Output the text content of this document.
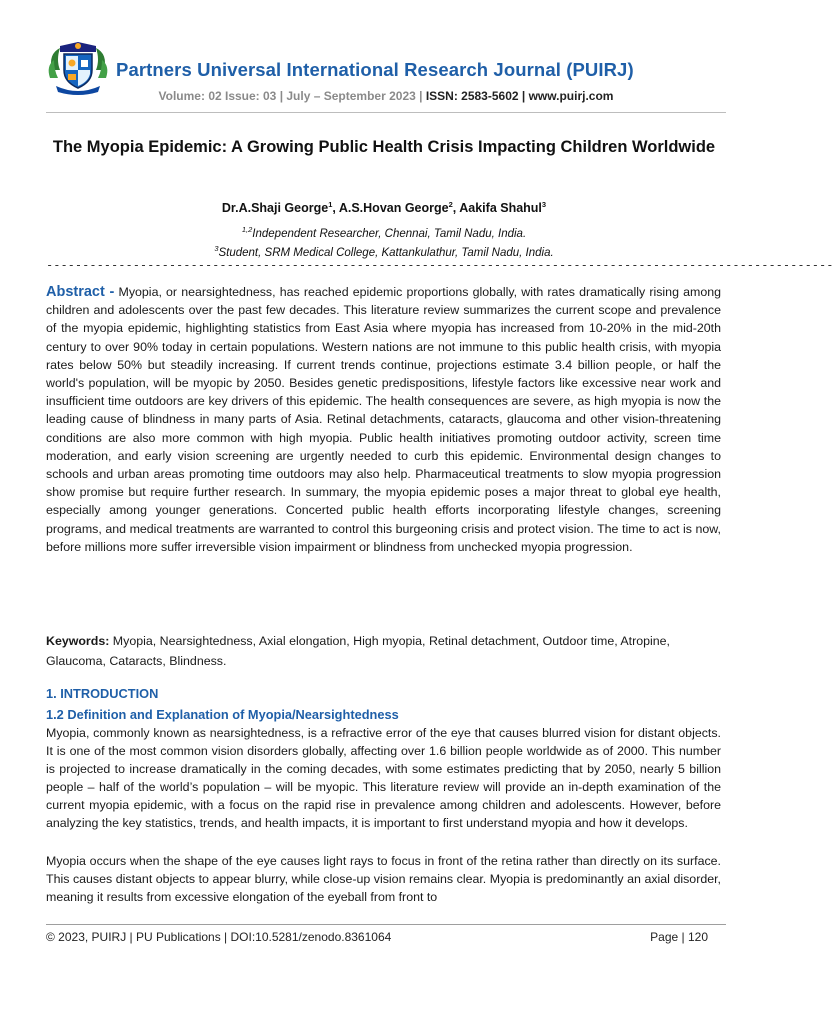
Partners Universal International Research Journal (PUIRJ)
Volume: 02 Issue: 03 | July – September 2023 | ISSN: 2583-5602 | www.puirj.com
The Myopia Epidemic: A Growing Public Health Crisis Impacting Children Worldwide
Dr.A.Shaji George$^1$, A.S.Hovan George$^2$, Aakifa Shahul$^3$
$^{1,2}$Independent Researcher, Chennai, Tamil Nadu, India.
$^3$Student, SRM Medical College, Kattankulathur, Tamil Nadu, India.
-------------------------------------------------------------------------------------------------------------

Abstract - Myopia, or nearsightedness, has reached epidemic proportions globally, with rates dramatically rising among children and adolescents over the past few decades. This literature review summarizes the current scope and prevalence of the myopia epidemic, highlighting statistics from East Asia where myopia has increased from 10-20% in the mid-20th century to over 90% today in certain populations. Western nations are not immune to this public health crisis, with myopia rates below 50% but steadily increasing. If current trends continue, projections estimate 3.4 billion people, or half the world's population, will be myopic by 2050. Besides genetic predispositions, lifestyle factors like excessive near work and insufficient time outdoors are key drivers of this epidemic. The health consequences are severe, as high myopia is now the leading cause of blindness in many parts of Asia. Retinal detachments, cataracts, glaucoma and other vision-threatening conditions are also more common with high myopia. Public health initiatives promoting outdoor activity, screen time moderation, and early vision screening are urgently needed to curb this epidemic. Environmental design changes to schools and urban areas promoting time outdoors may also help. Pharmaceutical treatments to slow myopia progression show promise but require further research. In summary, the myopia epidemic poses a major threat to global eye health, especially among younger generations. Concerted public health efforts incorporating lifestyle changes, screening programs, and medical treatments are warranted to control this burgeoning crisis and protect vision. The time to act is now, before millions more suffer irreversible vision impairment or blindness from unchecked myopia progression.

Keywords: Myopia, Nearsightedness, Axial elongation, High myopia, Retinal detachment, Outdoor time, Atropine, Glaucoma, Cataracts, Blindness.

1. INTRODUCTION
1.2 Definition and Explanation of Myopia/Nearsightedness

Myopia, commonly known as nearsightedness, is a refractive error of the eye that causes blurred vision for distant objects. It is one of the most common vision disorders globally, affecting over 1.6 billion people worldwide as of 2000. This number is projected to increase dramatically in the coming decades, with some estimates predicting that by 2050, nearly 5 billion people – half of the world’s population – will be myopic. This literature review will provide an in-depth examination of the current myopia epidemic, with a focus on the rapid rise in prevalence among children and adolescents. However, before analyzing the key statistics, trends, and health impacts, it is important to first understand myopia and how it develops.

Myopia occurs when the shape of the eye causes light rays to focus in front of the retina rather than directly on its surface. This causes distant objects to appear blurry, while close-up vision remains clear. Myopia is predominantly an axial disorder, meaning it results from excessive elongation of the eyeball from front to

© 2023, PUIRJ | PU Publications | DOI:10.5281/zenodo.8361064	Page | 120
